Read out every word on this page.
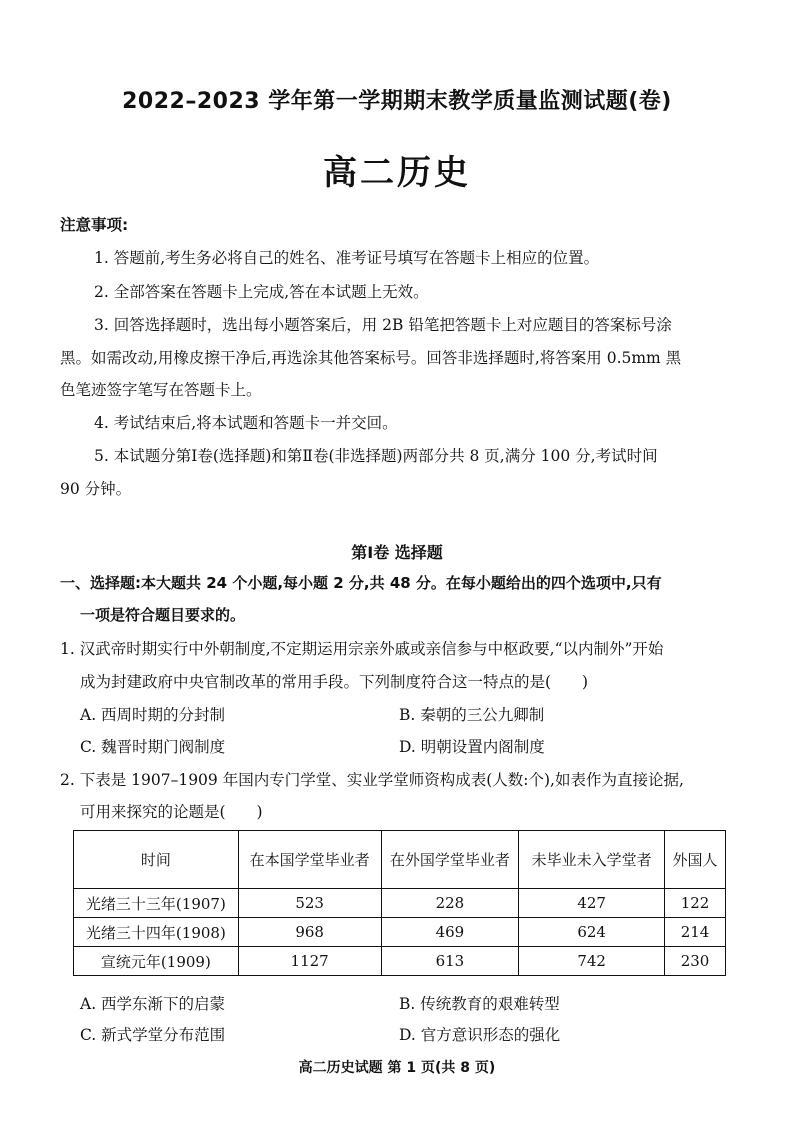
2022–2023 学年第一学期期末教学质量监测试题(卷)
高二历史
注意事项:
1. 答题前,考生务必将自己的姓名、准考证号填写在答题卡上相应的位置。
2. 全部答案在答题卡上完成,答在本试题上无效。
3. 回答选择题时，选出每小题答案后，用 2B 铅笔把答题卡上对应题目的答案标号涂
黑。如需改动,用橡皮擦干净后,再选涂其他答案标号。回答非选择题时,将答案用 0.5mm 黑
色笔迹签字笔写在答题卡上。
4. 考试结束后,将本试题和答题卡一并交回。
5. 本试题分第Ⅰ卷(选择题)和第Ⅱ卷(非选择题)两部分共 8 页,满分 100 分,考试时间
90 分钟。
第Ⅰ卷 选择题
一、选择题:本大题共 24 个小题,每小题 2 分,共 48 分。在每小题给出的四个选项中,只有
一项是符合题目要求的。
1. 汉武帝时期实行中外朝制度,不定期运用宗亲外戚或亲信参与中枢政要,“以内制外”开始
成为封建政府中央官制改革的常用手段。下列制度符合这一特点的是(　　)
A. 西周时期的分封制	B. 秦朝的三公九卿制
C. 魏晋时期门阀制度	D. 明朝设置内阁制度
2. 下表是 1907–1909 年国内专门学堂、实业学堂师资构成表(人数:个),如表作为直接论据,
可用来探究的论题是(　　)
时间	在本国学堂毕业者	在外国学堂毕业者	未毕业未入学堂者	外国人
光绪三十三年(1907)	523	228	427	122
光绪三十四年(1908)	968	469	624	214
宣统元年(1909)	1127	613	742	230
A. 西学东渐下的启蒙	B. 传统教育的艰难转型
C. 新式学堂分布范围	D. 官方意识形态的强化
高二历史试题 第 1 页(共 8 页)
